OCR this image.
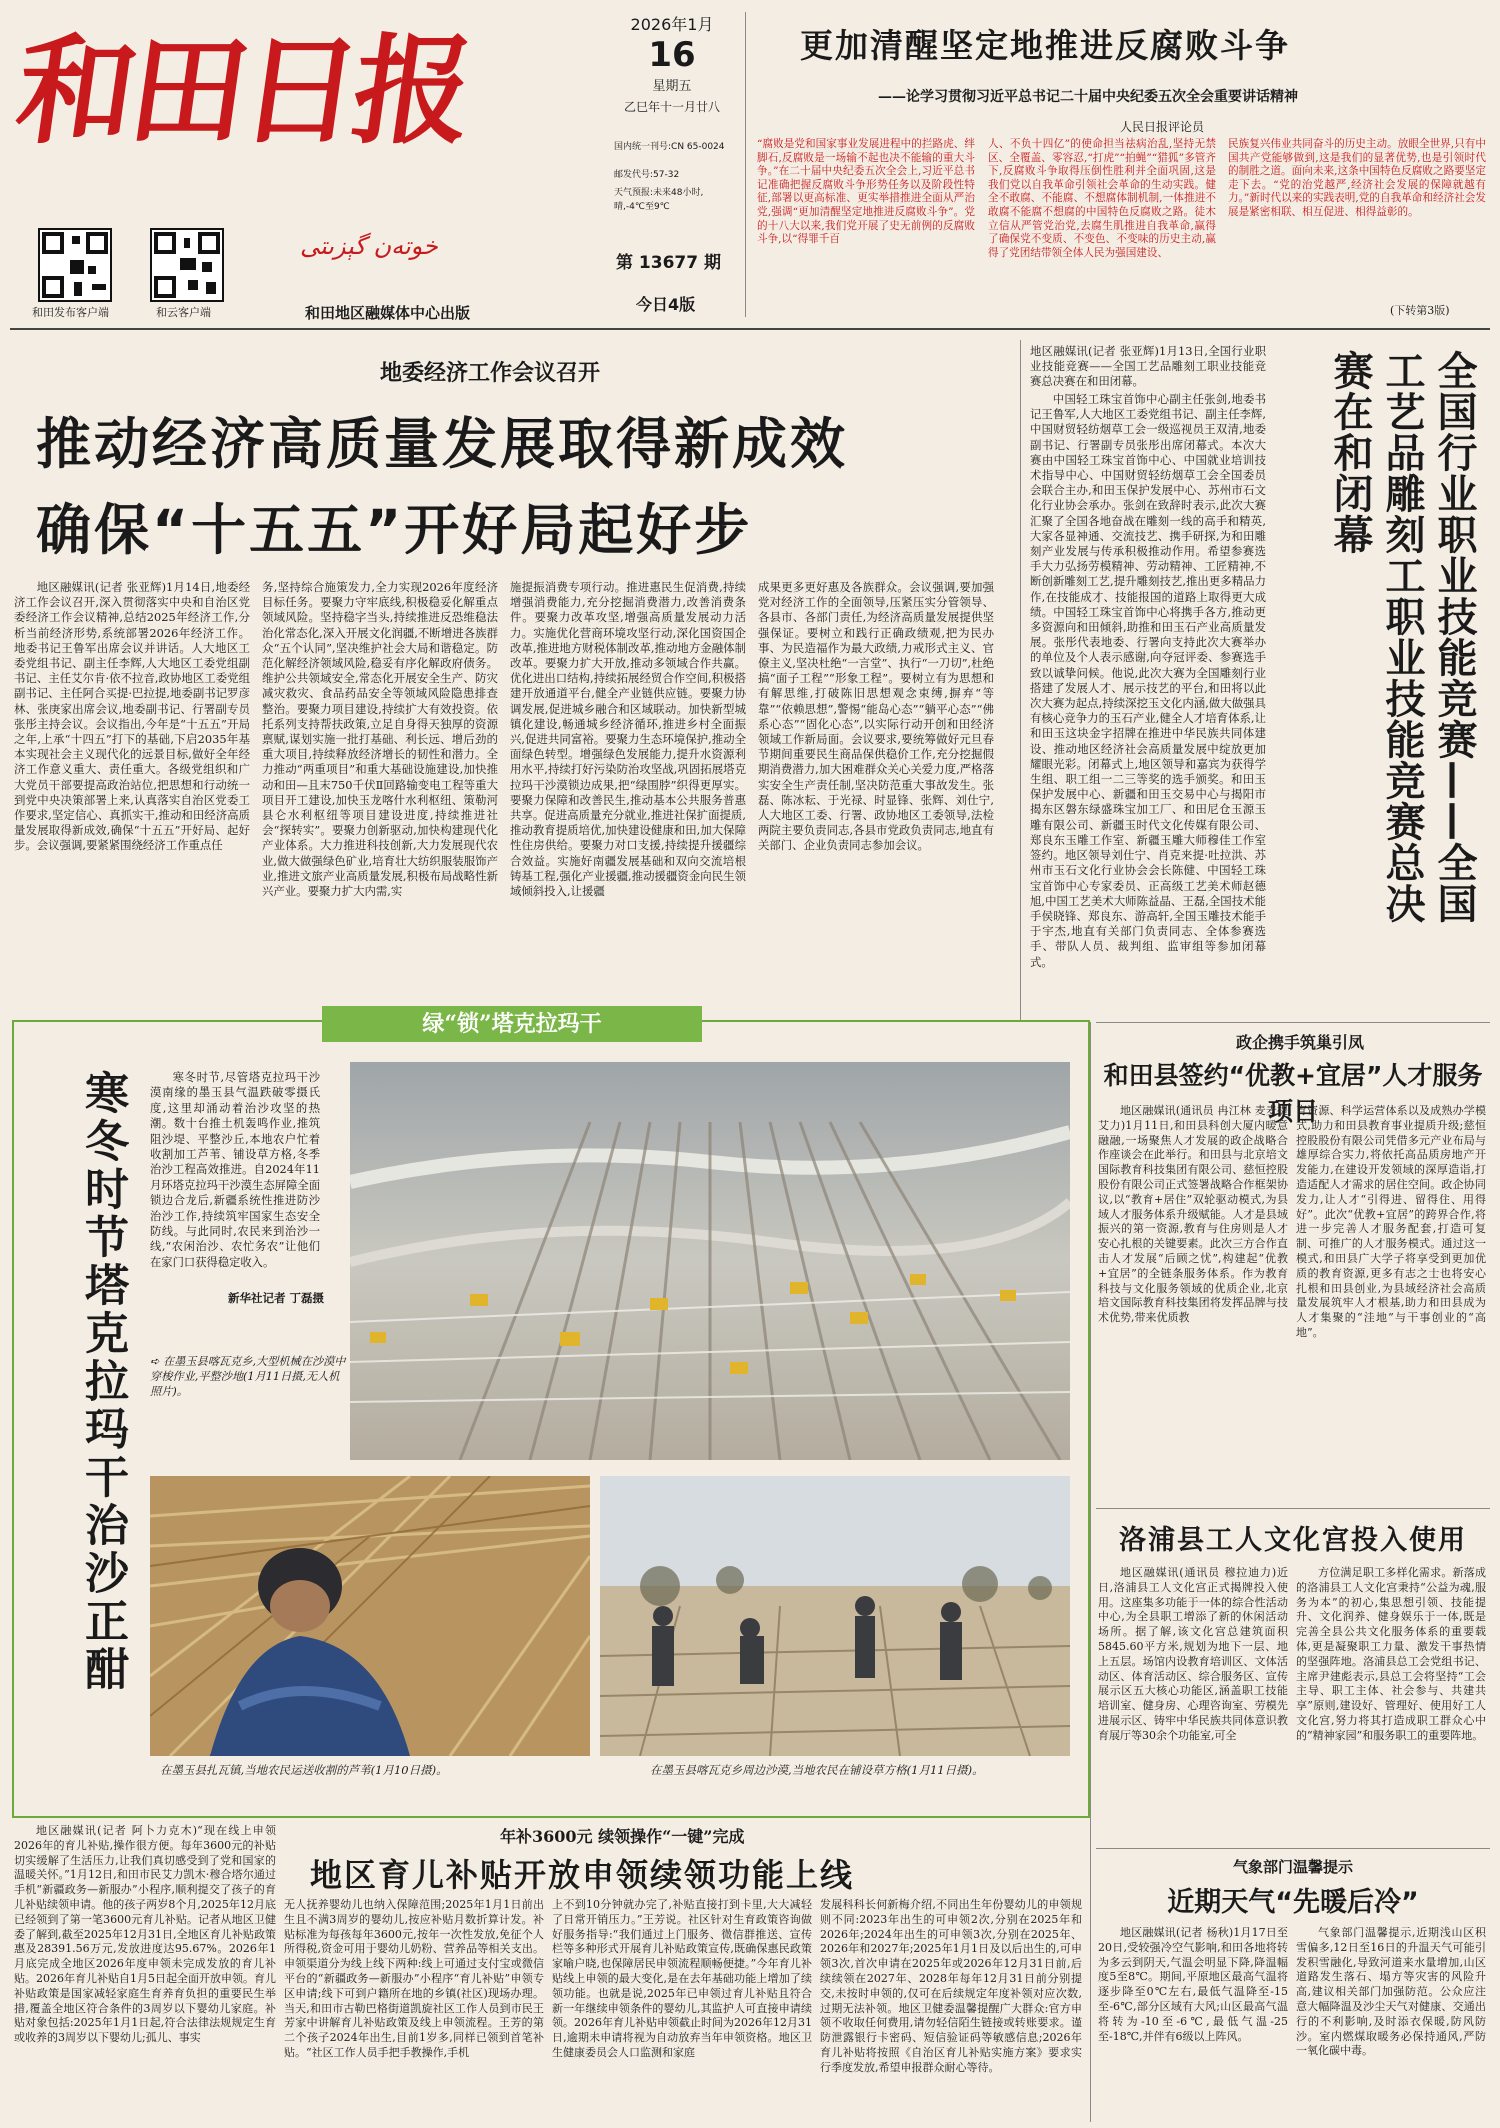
和田日报
خوتەن گېزىتى
和田发布客户端	和云客户端	和田地区融媒体中心出版
2026年1月
16
星期五
乙巳年十一月廿八
国内统一刊号:CN 65-0024
邮发代号:57-32
天气预报:未来48小时,晴,-4℃至9℃
第 13677 期
今日4版
更加清醒坚定地推进反腐败斗争
——论学习贯彻习近平总书记二十届中央纪委五次全会重要讲话精神
人民日报评论员
“腐败是党和国家事业发展进程中的拦路虎、绊脚石,反腐败是一场输不起也决不能输的重大斗争。”在二十届中央纪委五次全会上,习近平总书记准确把握反腐败斗争形势任务以及阶段性特征,部署以更高标准、更实举措推进全面从严治党,强调“更加清醒坚定地推进反腐败斗争”。党的十八大以来,我们党开展了史无前例的反腐败斗争,以“得罪千百
人、不负十四亿”的使命担当祛病治乱,坚持无禁区、全覆盖、零容忍,“打虎”“拍蝇”“猎狐”多管齐下,反腐败斗争取得压倒性胜利并全面巩固,这是我们党以自我革命引领社会革命的生动实践。健全不敢腐、不能腐、不想腐体制机制,一体推进不敢腐不能腐不想腐的中国特色反腐败之路。徒木立信从严管党治党,去腐生肌推进自我革命,赢得了确保党不变质、不变色、不变味的历史主动,赢得了党团结带领全体人民为强国建设、
民族复兴伟业共同奋斗的历史主动。放眼全世界,只有中国共产党能够做到,这是我们的显著优势,也是引领时代的制胜之道。面向未来,这条中国特色反腐败之路要坚定走下去。“党的治党越严,经济社会发展的保障就越有力。”新时代以来的实践表明,党的自我革命和经济社会发展是紧密相联、相互促进、相得益彰的。
(下转第3版)
地委经济工作会议召开
推动经济高质量发展取得新成效
确保“十五五”开好局起好步

地区融媒讯(记者 张亚辉)1月14日,地委经济工作会议召开,深入贯彻落实中央和自治区党委经济工作会议精神,总结2025年经济工作,分析当前经济形势,系统部署2026年经济工作。地委书记王鲁军出席会议并讲话。人大地区工委党组书记、副主任李辉,人大地区工委党组副书记、主任艾尔肯·依不拉音,政协地区工委党组副书记、主任阿合买提·巴拉提,地委副书记罗彦林、张庚家出席会议,地委副书记、行署副专员张彤主持会议。会议指出,今年是“十五五”开局之年,上承“十四五”打下的基础,下启2035年基本实现社会主义现代化的远景目标,做好全年经济工作意义重大、责任重大。各级党组织和广大党员干部要提高政治站位,把思想和行动统一到党中央决策部署上来,认真落实自治区党委工作要求,坚定信心、真抓实干,推动和田经济高质量发展取得新成效,确保“十五五”开好局、起好步。会议强调,要紧紧围绕经济工作重点任

务,坚持综合施策发力,全力实现2026年度经济目标任务。要聚力守牢底线,积极稳妥化解重点领域风险。坚持稳字当头,持续推进反恐维稳法治化常态化,深入开展文化润疆,不断增进各族群众“五个认同”,坚决维护社会大局和谐稳定。防范化解经济领域风险,稳妥有序化解政府债务。维护公共领域安全,常态化开展安全生产、防灾减灾救灾、食品药品安全等领域风险隐患排查整治。要聚力项目建设,持续扩大有效投资。依托系列支持帮扶政策,立足自身得天独厚的资源禀赋,谋划实施一批打基础、利长远、增后劲的重大项目,持续释放经济增长的韧性和潜力。全力推动“两重项目”和重大基础设施建设,加快推动和田—且末750千伏Ⅱ回路输变电工程等重大项目开工建设,加快玉龙喀什水利枢纽、策勒河县仑水利枢纽等项目建设进度,持续推进社会“探转实”。要聚力创新驱动,加快构建现代化产业体系。大力推进科技创新,大力发展现代农业,做大做强绿色矿业,培育壮大纺织服装服饰产业,推进文旅产业高质量发展,积极布局战略性新兴产业。要聚力扩大内需,实

施提振消费专项行动。推进惠民生促消费,持续增强消费能力,充分挖掘消费潜力,改善消费条件。要聚力改革攻坚,增强高质量发展动力活力。实施优化营商环境攻坚行动,深化国资国企改革,推进地方财税体制改革,推动地方金融体制改革。要聚力扩大开放,推动多领域合作共赢。优化进出口结构,持续拓展经贸合作空间,积极搭建开放通道平台,健全产业链供应链。要聚力协调发展,促进城乡融合和区域联动。加快新型城镇化建设,畅通城乡经济循环,推进乡村全面振兴,促进共同富裕。要聚力生态环境保护,推动全面绿色转型。增强绿色发展能力,提升水资源利用水平,持续打好污染防治攻坚战,巩固拓展塔克拉玛干沙漠锁边成果,把“绿围脖”织得更厚实。要聚力保障和改善民生,推动基本公共服务普惠共享。促进高质量充分就业,推进社保扩面提质,推动教育提质培优,加快建设健康和田,加大保障性住房供给。要聚力对口支援,持续提升援疆综合效益。实施好南疆发展基础和双向交流培根铸基工程,强化产业援疆,推动援疆资金向民生领域倾斜投入,让援疆

成果更多更好惠及各族群众。会议强调,要加强党对经济工作的全面领导,压紧压实分管领导、各县市、各部门责任,为经济高质量发展提供坚强保证。要树立和践行正确政绩观,把为民办事、为民造福作为最大政绩,力戒形式主义、官僚主义,坚决杜绝“一言堂”、执行“一刀切”,杜绝搞“面子工程”“形象工程”。要树立有为思想和有解思维,打破陈旧思想观念束缚,摒弃“等靠”“依赖思想”,警惕“能岛心态”“躺平心态”“佛系心态”“固化心态”,以实际行动开创和田经济领域工作新局面。会议要求,要统筹做好元旦春节期间重要民生商品保供稳价工作,充分挖掘假期消费潜力,加大困难群众关心关爱力度,严格落实安全生产责任制,坚决防范重大事故发生。张磊、陈冰耘、于光禄、时显锋、张辉、刘仕宁,人大地区工委、行署、政协地区工委领导,法检两院主要负责同志,各县市党政负责同志,地直有关部门、企业负责同志参加会议。

地区融媒讯(记者 张亚辉)1月13日,全国行业职业技能竞赛——全国工艺品雕刻工职业技能竞赛总决赛在和田闭幕。

中国轻工珠宝首饰中心副主任张剑,地委书记王鲁军,人大地区工委党组书记、副主任李辉,中国财贸轻纺烟草工会一级巡视员王双清,地委副书记、行署副专员张彤出席闭幕式。本次大赛由中国轻工珠宝首饰中心、中国就业培训技术指导中心、中国财贸轻纺烟草工会全国委员会联合主办,和田玉保护发展中心、苏州市石文化行业协会承办。张剑在致辞时表示,此次大赛汇聚了全国各地奋战在雕刻一线的高手和精英,大家各显神通、交流技艺、携手研探,为和田雕刻产业发展与传承积极推动作用。希望参赛选手大力弘扬劳模精神、劳动精神、工匠精神,不断创新雕刻工艺,提升雕刻技艺,推出更多精品力作,在技能成才、技能报国的道路上取得更大成绩。中国轻工珠宝首饰中心将携手各方,推动更多资源向和田倾斜,助推和田玉石产业高质量发展。张彤代表地委、行署向支持此次大赛举办的单位及个人表示感谢,向夺冠评委、参赛选手致以诚挚问候。他说,此次大赛为全国雕刻行业搭建了发展人才、展示技艺的平台,和田将以此次大赛为起点,持续深挖玉文化内涵,做大做强具有核心竞争力的玉石产业,健全人才培育体系,让和田玉这块金字招牌在推进中华民族共同体建设、推动地区经济社会高质量发展中绽放更加耀眼光彩。闭幕式上,地区领导和嘉宾为获得学生组、职工组一二三等奖的选手颁奖。和田玉保护发展中心、新疆和田玉交易中心与揭阳市揭东区磐东绿盛珠宝加工厂、和田尼仓玉源玉雕有限公司、新疆玉时代文化传媒有限公司、郑良东玉雕工作室、新疆玉雕大师穆佳工作室签约。地区领导刘仕宁、肖克来提·吐拉洪、苏州市玉石文化行业协会会长陈健、中国轻工珠宝首饰中心专家委员、正高级工艺美术师赵德旭,中国工艺美术大师陈益晶、王磊,全国技术能手侯晓锋、郑良东、游高轩,全国玉雕技术能手于宇杰,地直有关部门负责同志、全体参赛选手、带队人员、裁判组、监审组等参加闭幕式。

全国行业职业技能竞赛——全国工艺品雕刻工职业技能竞赛总决赛在和闭幕
绿“锁”塔克拉玛干
寒冬时节塔克拉玛干治沙正酣	寒冬时节,尽管塔克拉玛干沙漠南缘的墨玉县气温跌破零摄氏度,这里却涌动着治沙攻坚的热潮。数十台推土机轰鸣作业,推筑阻沙堤、平整沙丘,本地农户忙着收割加工芦苇、铺设草方格,冬季治沙工程高效推进。自2024年11月环塔克拉玛干沙漠生态屏障全面锁边合龙后,新疆系统性推进防沙治沙工作,持续筑牢国家生态安全防线。与此同时,农民来到治沙一线,“农闲治沙、农忙务农”让他们在家门口获得稳定收入。

新华社记者 丁磊摄
➪ 在墨玉县喀瓦克乡,大型机械在沙漠中穿梭作业,平整沙地(1月11日摄,无人机照片)。
在墨玉县扎瓦镇,当地农民运送收割的芦苇(1月10日摄)。	在墨玉县喀瓦克乡周边沙漠,当地农民在铺设草方格(1月11日摄)。
政企携手筑巢引凤
和田县签约“优教+宜居”人才服务项目

地区融媒讯(通讯员 冉江林 麦麦提艾力)1月11日,和田县科创大厦内暖意融融,一场聚焦人才发展的政企战略合作座谈会在此举行。和田县与北京培文国际教育科技集团有限公司、慈恒控股股份有限公司正式签署战略合作框架协议,以“教育+居住”双轮驱动模式,为县域人才服务体系升级赋能。人才是县域振兴的第一资源,教育与住房则是人才安心扎根的关键要素。此次三方合作直击人才发展“后顾之忧”,构建起“优教+宜居”的全链条服务体系。作为教育科技与文化服务领域的优质企业,北京培文国际教育科技集团将发挥品牌与技术优势,带来优质教

育资源、科学运营体系以及成熟办学模式,助力和田县教育事业提质升级;慈恒控股股份有限公司凭借多元产业布局与雄厚综合实力,将依托高品质房地产开发能力,在建设开发领域的深厚造诣,打造适配人才需求的居住空间。政企协同发力,让人才“引得进、留得住、用得好”。此次“优教+宜居”的跨界合作,将进一步完善人才服务配套,打造可复制、可推广的人才服务模式。通过这一模式,和田县广大学子将享受到更加优质的教育资源,更多有志之士也将安心扎根和田县创业,为县域经济社会高质量发展筑牢人才根基,助力和田县成为人才集聚的“洼地”与干事创业的“高地”。

洛浦县工人文化宫投入使用

地区融媒讯(通讯员 穆拉迪力)近日,洛浦县工人文化宫正式揭牌投入使用。这座集多功能于一体的综合性活动中心,为全县职工增添了新的休闲活动场所。据了解,该文化宫总建筑面积5845.60平方米,规划为地下一层、地上五层。场馆内设教育培训区、文体活动区、体育活动区、综合服务区、宣传展示区五大核心功能区,涵盖职工技能培训室、健身房、心理咨询室、劳模先进展示区、铸牢中华民族共同体意识教育展厅等30余个功能室,可全

方位满足职工多样化需求。新落成的洛浦县工人文化宫秉持“公益为魂,服务为本”的初心,集思想引领、技能提升、文化润养、健身娱乐于一体,既是完善全县公共文化服务体系的重要载体,更是凝聚职工力量、激发干事热情的坚强阵地。洛浦县总工会党组书记、主席尹建彪表示,县总工会将坚持“工会主导、职工主体、社会参与、共建共享”原则,建设好、管理好、使用好工人文化宫,努力将其打造成职工群众心中的“精神家园”和服务职工的重要阵地。

气象部门温馨提示
近期天气“先暖后冷”

地区融媒讯(记者 杨秋)1月17日至20日,受较强冷空气影响,和田各地将转为多云到阴天,气温会明显下降,降温幅度5至8℃。期间,平原地区最高气温将逐步降至0℃左右,最低气温降至-15至-6℃,部分区域有大风;山区最高气温将转为-10至-6℃,最低气温-25至-18℃,并伴有6级以上阵风。

气象部门温馨提示,近期浅山区积雪偏多,12日至16日的升温天气可能引发积雪融化,导致河道来水量增加,山区道路发生落石、塌方等灾害的风险升高,建议相关部门加强防范。公众应注意大幅降温及沙尘天气对健康、交通出行的不利影响,及时添衣保暖,防风防沙。室内燃煤取暖务必保持通风,严防一氧化碳中毒。

年补3600元 续领操作“一键”完成
地区育儿补贴开放申领续领功能上线

地区融媒讯(记者 阿卜力克木)“现在线上申领2026年的育儿补贴,操作很方便。每年3600元的补贴切实缓解了生活压力,让我们真切感受到了党和国家的温暖关怀。”1月12日,和田市民艾力凯木·穆合塔尔通过手机“新疆政务—新服办”小程序,顺利提交了孩子的育儿补贴续领申请。他的孩子两岁8个月,2025年12月底已经领到了第一笔3600元育儿补贴。记者从地区卫健委了解到,截至2025年12月31日,全地区育儿补贴政策惠及28391.56万元,发放进度达95.67%。2026年1月底完成全地区2026年度申领未完成发放的育儿补贴。2026年育儿补贴自1月5日起全面开放申领。育儿补贴政策是国家减轻家庭生育养育负担的重要民生举措,覆盖全地区符合条件的3周岁以下婴幼儿家庭。补贴对象包括:2025年1月1日起,符合法律法规规定生育或收养的3周岁以下婴幼儿;孤儿、事实

无人抚养婴幼儿也纳入保障范围;2025年1月1日前出生且不满3周岁的婴幼儿,按应补贴月数折算计发。补贴标准为每孩每年3600元,按年一次性发放,免征个人所得税,资金可用于婴幼儿奶粉、营养品等相关支出。申领渠道分为线上线下两种:线上可通过支付宝或微信平台的“新疆政务—新服办”小程序“育儿补贴”申领专区申请;线下可到户籍所在地的乡镇(社区)现场办理。当天,和田市古勒巴格街道凯旋社区工作人员到市民王芳家中讲解育儿补贴政策及线上申领流程。王芳的第二个孩子2024年出生,目前1岁多,同样已领到首笔补贴。“社区工作人员手把手教操作,手机

上不到10分钟就办完了,补贴直接打到卡里,大大减轻了日常开销压力。”王芳说。社区针对生育政策咨询做好服务指导:“我们通过上门服务、微信群推送、宣传栏等多种形式开展育儿补贴政策宣传,既确保惠民政策家喻户晓,也保障居民申领流程顺畅便捷。”今年育儿补贴线上申领的最大变化,是在去年基础功能上增加了续领功能。也就是说,2025年已申领过育儿补贴且符合新一年继续申领条件的婴幼儿,其监护人可直接申请续领。2026年育儿补贴申领截止时间为2026年12月31日,逾期未申请将视为自动放弃当年申领资格。地区卫生健康委员会人口监测和家庭

发展科科长何新梅介绍,不同出生年份婴幼儿的申领规则不同:2023年出生的可申领2次,分别在2025年和2026年;2024年出生的可申领3次,分别在2025年、2026年和2027年;2025年1月1日及以后出生的,可申领3次,首次申请在2025年或2026年12月31日前,后续续领在2027年、2028年每年12月31日前分别提交,未按时申领的,仅可在后续规定年度补领对应次数,过期无法补领。地区卫健委温馨提醒广大群众:官方申领不收取任何费用,请勿轻信陌生链接或转账要求。谨防泄露银行卡密码、短信验证码等敏感信息;2026年育儿补贴将按照《自治区育儿补贴实施方案》要求实行季度发放,希望申报群众耐心等待。
